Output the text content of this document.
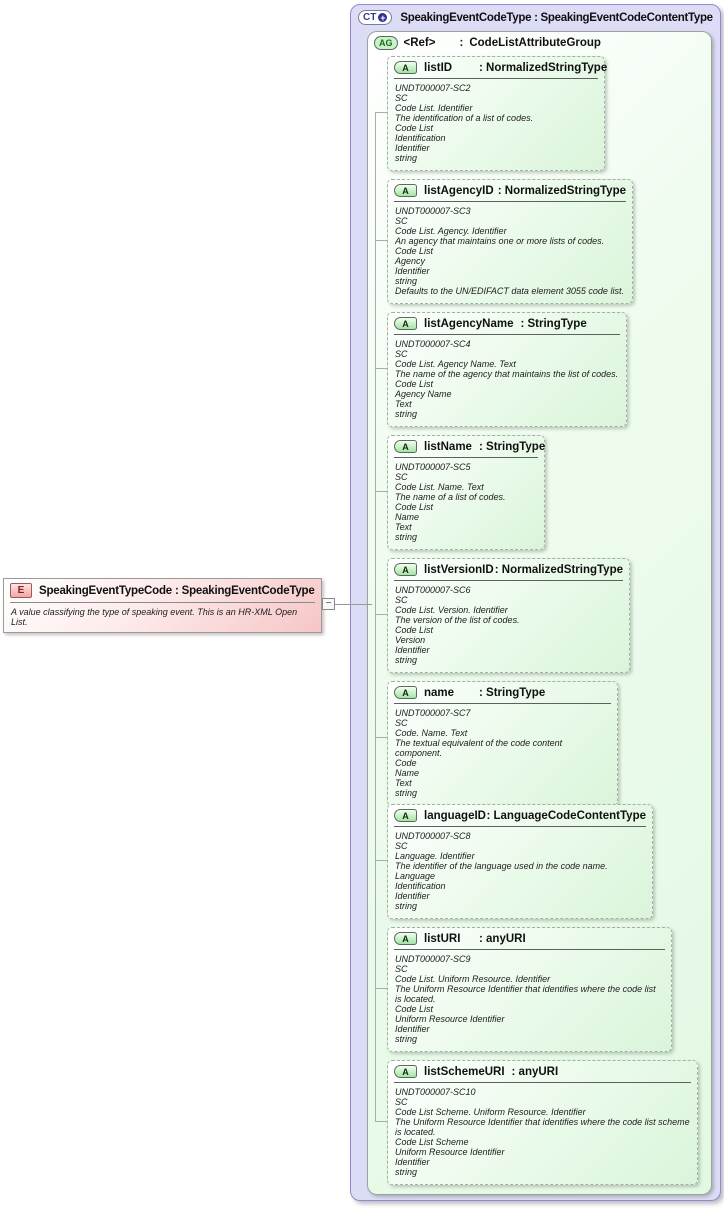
CT + SpeakingEventCodeType : SpeakingEventCodeContentType
AG <Ref>	: CodeListAttributeGroup
A	listID	: NormalizedStringType
UNDT000007-SC2
SC
Code List. Identifier
The identification of a list of codes.
Code List
Identification
Identifier
string
A	listAgencyID : NormalizedStringType
UNDT000007-SC3
SC
Code List. Agency. Identifier
An agency that maintains one or more lists of codes.
Code List
Agency
Identifier
string
Defaults to the UN/EDIFACT data element 3055 code list.
A	listAgencyName : StringType
UNDT000007-SC4
SC
Code List. Agency Name. Text
The name of the agency that maintains the list of codes.
Code List
Agency Name
Text
string
A	listName : StringType
UNDT000007-SC5
SC
Code List. Name. Text
The name of a list of codes.
Code List
Name
Text
string
A	listVersionID : NormalizedStringType
UNDT000007-SC6
SC
Code List. Version. Identifier
The version of the list of codes.
Code List
Version
Identifier
string
A	name	: StringType
UNDT000007-SC7
SC
Code. Name. Text
The textual equivalent of the code content component.
Code
Name
Text
string
A	languageID : LanguageCodeContentType
UNDT000007-SC8
SC
Language. Identifier
The identifier of the language used in the code name.
Language
Identification
Identifier
string
A	listURI	: anyURI
UNDT000007-SC9
SC
Code List. Uniform Resource. Identifier
The Uniform Resource Identifier that identifies where the code list is located.
Code List
Uniform Resource Identifier
Identifier
string
A	listSchemeURI : anyURI
UNDT000007-SC10
SC
Code List Scheme. Uniform Resource. Identifier
The Uniform Resource Identifier that identifies where the code list scheme is located.
Code List Scheme
Uniform Resource Identifier
Identifier
string
E	SpeakingEventTypeCode : SpeakingEventCodeType
A value classifying the type of speaking event. This is an HR-XML Open List.
−
